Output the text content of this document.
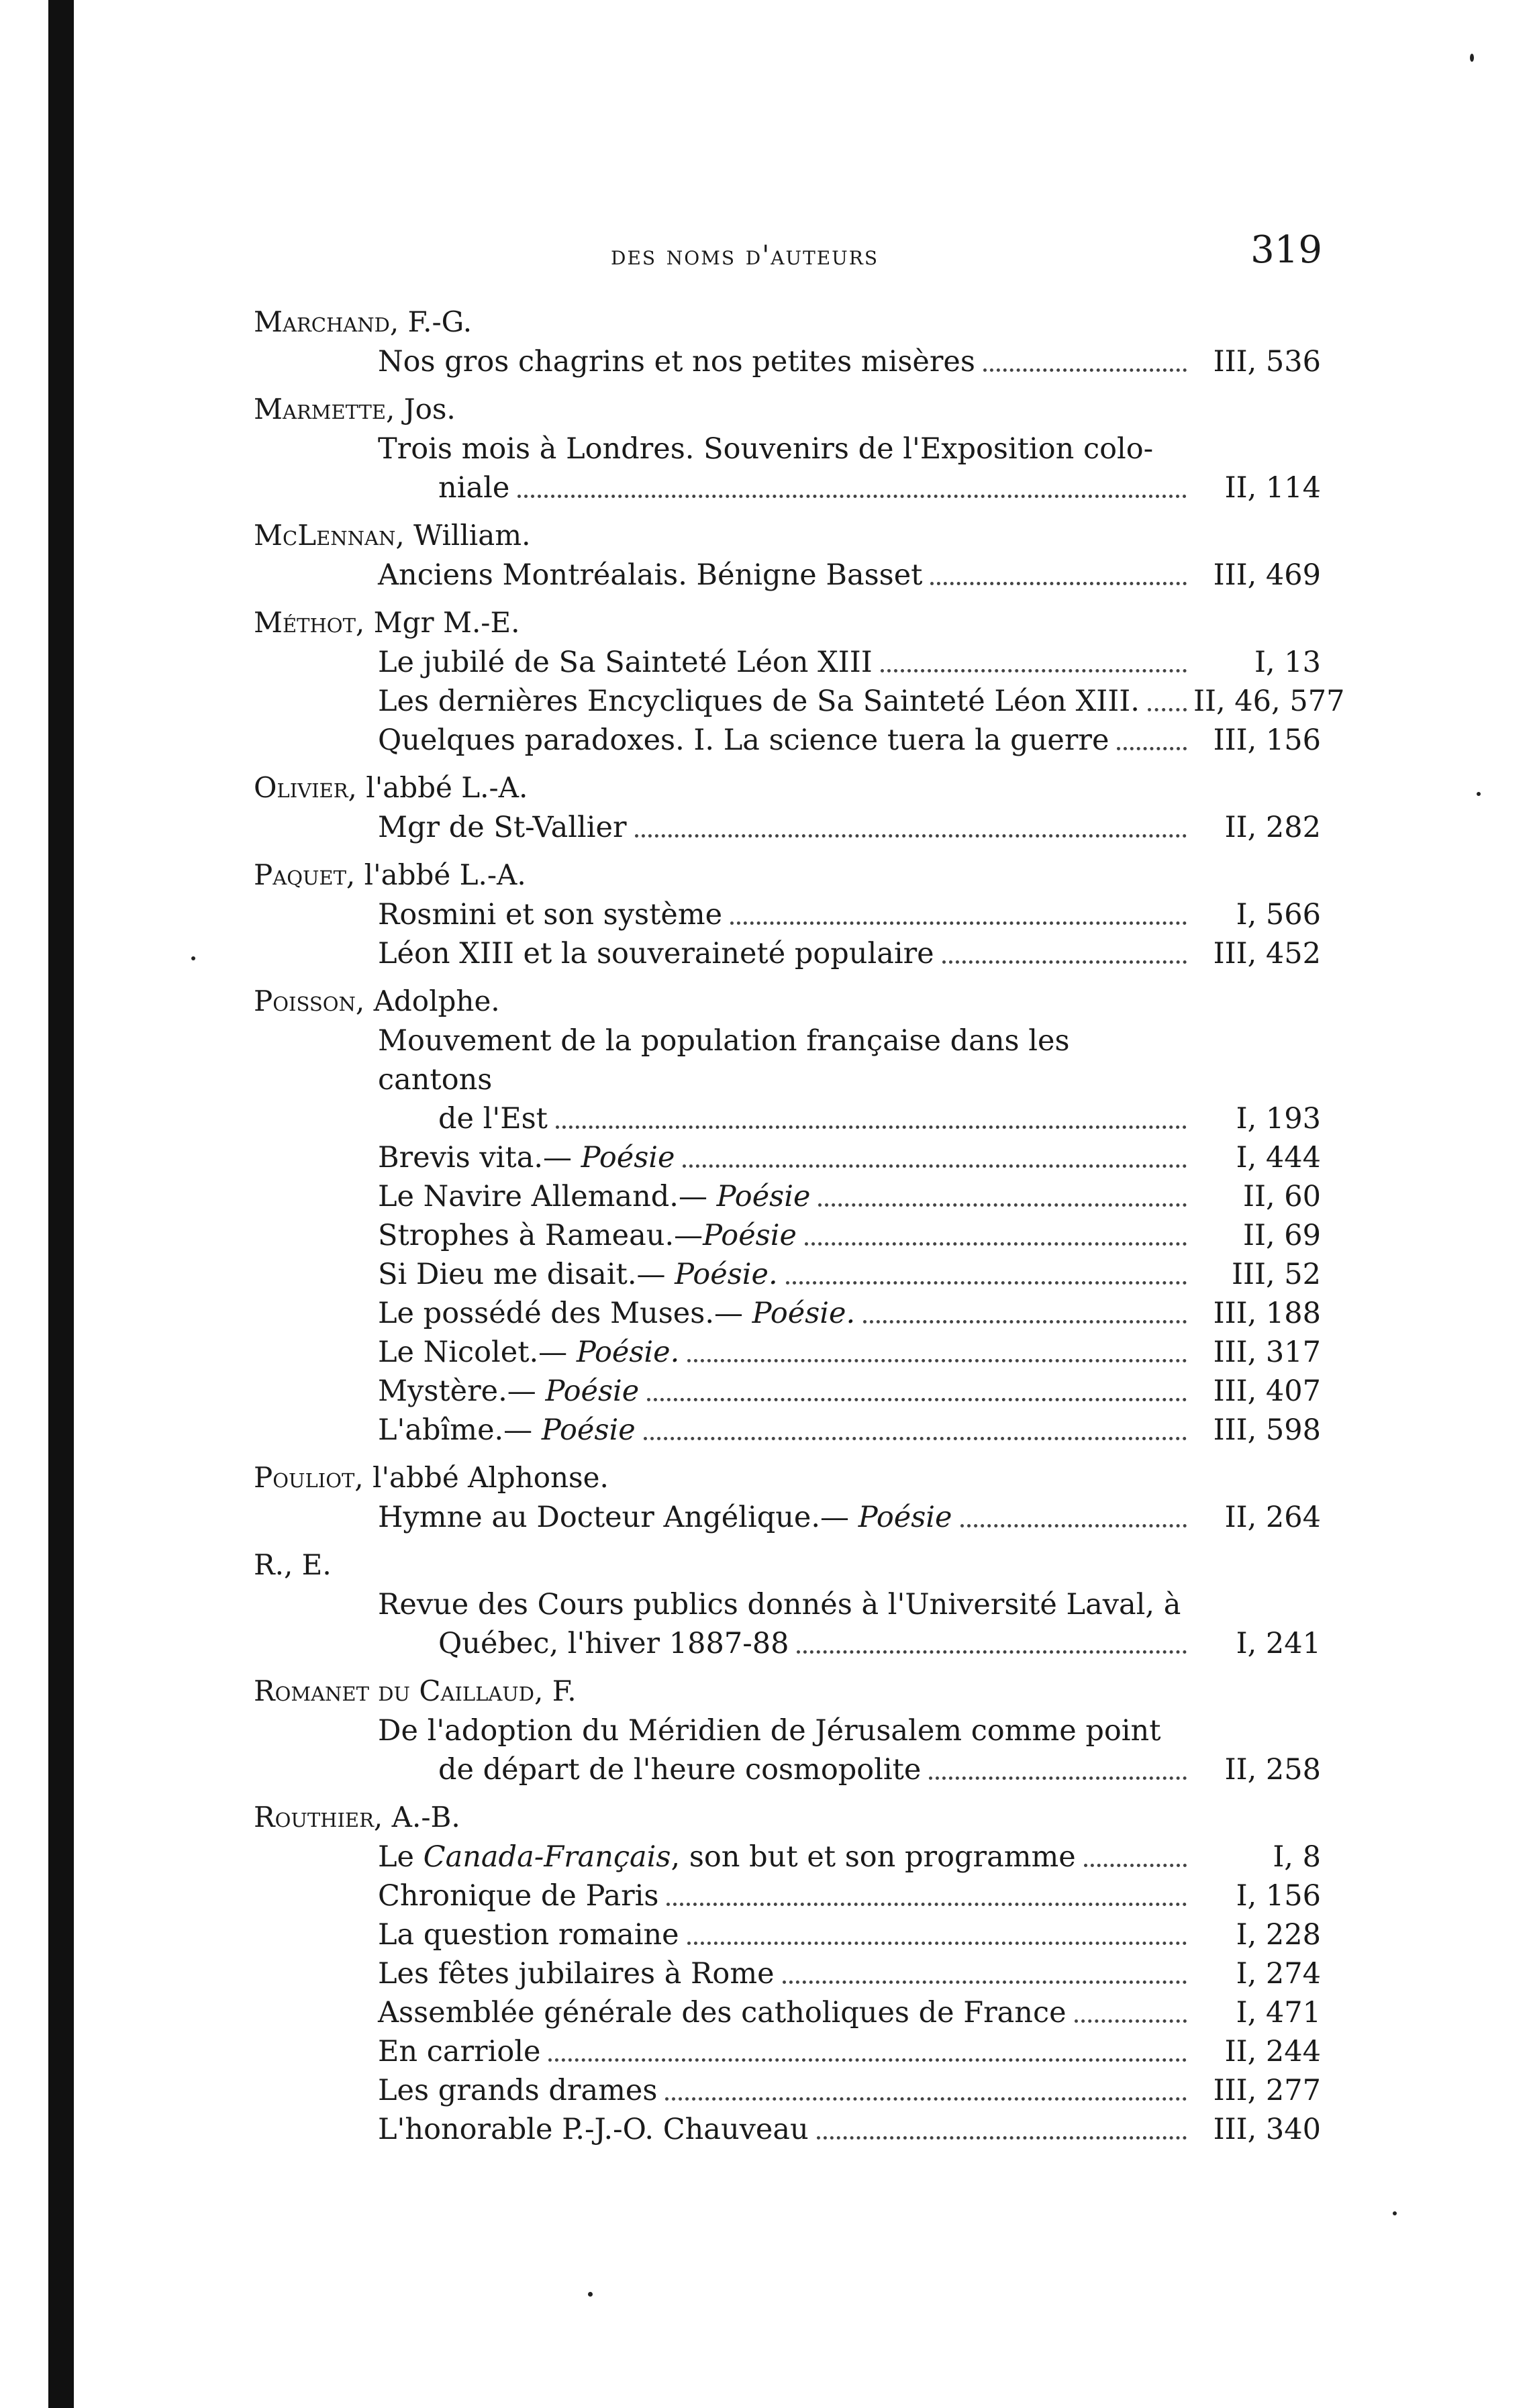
des noms d'auteurs	319
Marchand, F.-G.
Nos gros chagrins et nos petites misères	III, 536
Marmette, Jos.
Trois mois à Londres. Souvenirs de l'Exposition colo-
niale	II, 114
McLennan, William.
Anciens Montréalais. Bénigne Basset	III, 469
Méthot, Mgr M.-E.
Le jubilé de Sa Sainteté Léon XIII	I, 13
Les dernières Encycliques de Sa Sainteté Léon XIII.	II, 46, 577
Quelques paradoxes. I. La science tuera la guerre	III, 156
Olivier, l'abbé L.-A.
Mgr de St-Vallier	II, 282
Paquet, l'abbé L.-A.
Rosmini et son système	I, 566
Léon XIII et la souveraineté populaire	III, 452
Poisson, Adolphe.
Mouvement de la population française dans les cantons
de l'Est	I, 193
Brevis vita.— Poésie	I, 444
Le Navire Allemand.— Poésie	II, 60
Strophes à Rameau.—Poésie	II, 69
Si Dieu me disait.— Poésie.	III, 52
Le possédé des Muses.— Poésie.	III, 188
Le Nicolet.— Poésie.	III, 317
Mystère.— Poésie	III, 407
L'abîme.— Poésie	III, 598
Pouliot, l'abbé Alphonse.
Hymne au Docteur Angélique.— Poésie	II, 264
R., E.
Revue des Cours publics donnés à l'Université Laval, à
Québec, l'hiver 1887-88	I, 241
Romanet du Caillaud, F.
De l'adoption du Méridien de Jérusalem comme point
de départ de l'heure cosmopolite	II, 258
Routhier, A.-B.
Le Canada-Français, son but et son programme	I, 8
Chronique de Paris	I, 156
La question romaine	I, 228
Les fêtes jubilaires à Rome	I, 274
Assemblée générale des catholiques de France	I, 471
En carriole	II, 244
Les grands drames	III, 277
L'honorable P.-J.-O. Chauveau	III, 340
